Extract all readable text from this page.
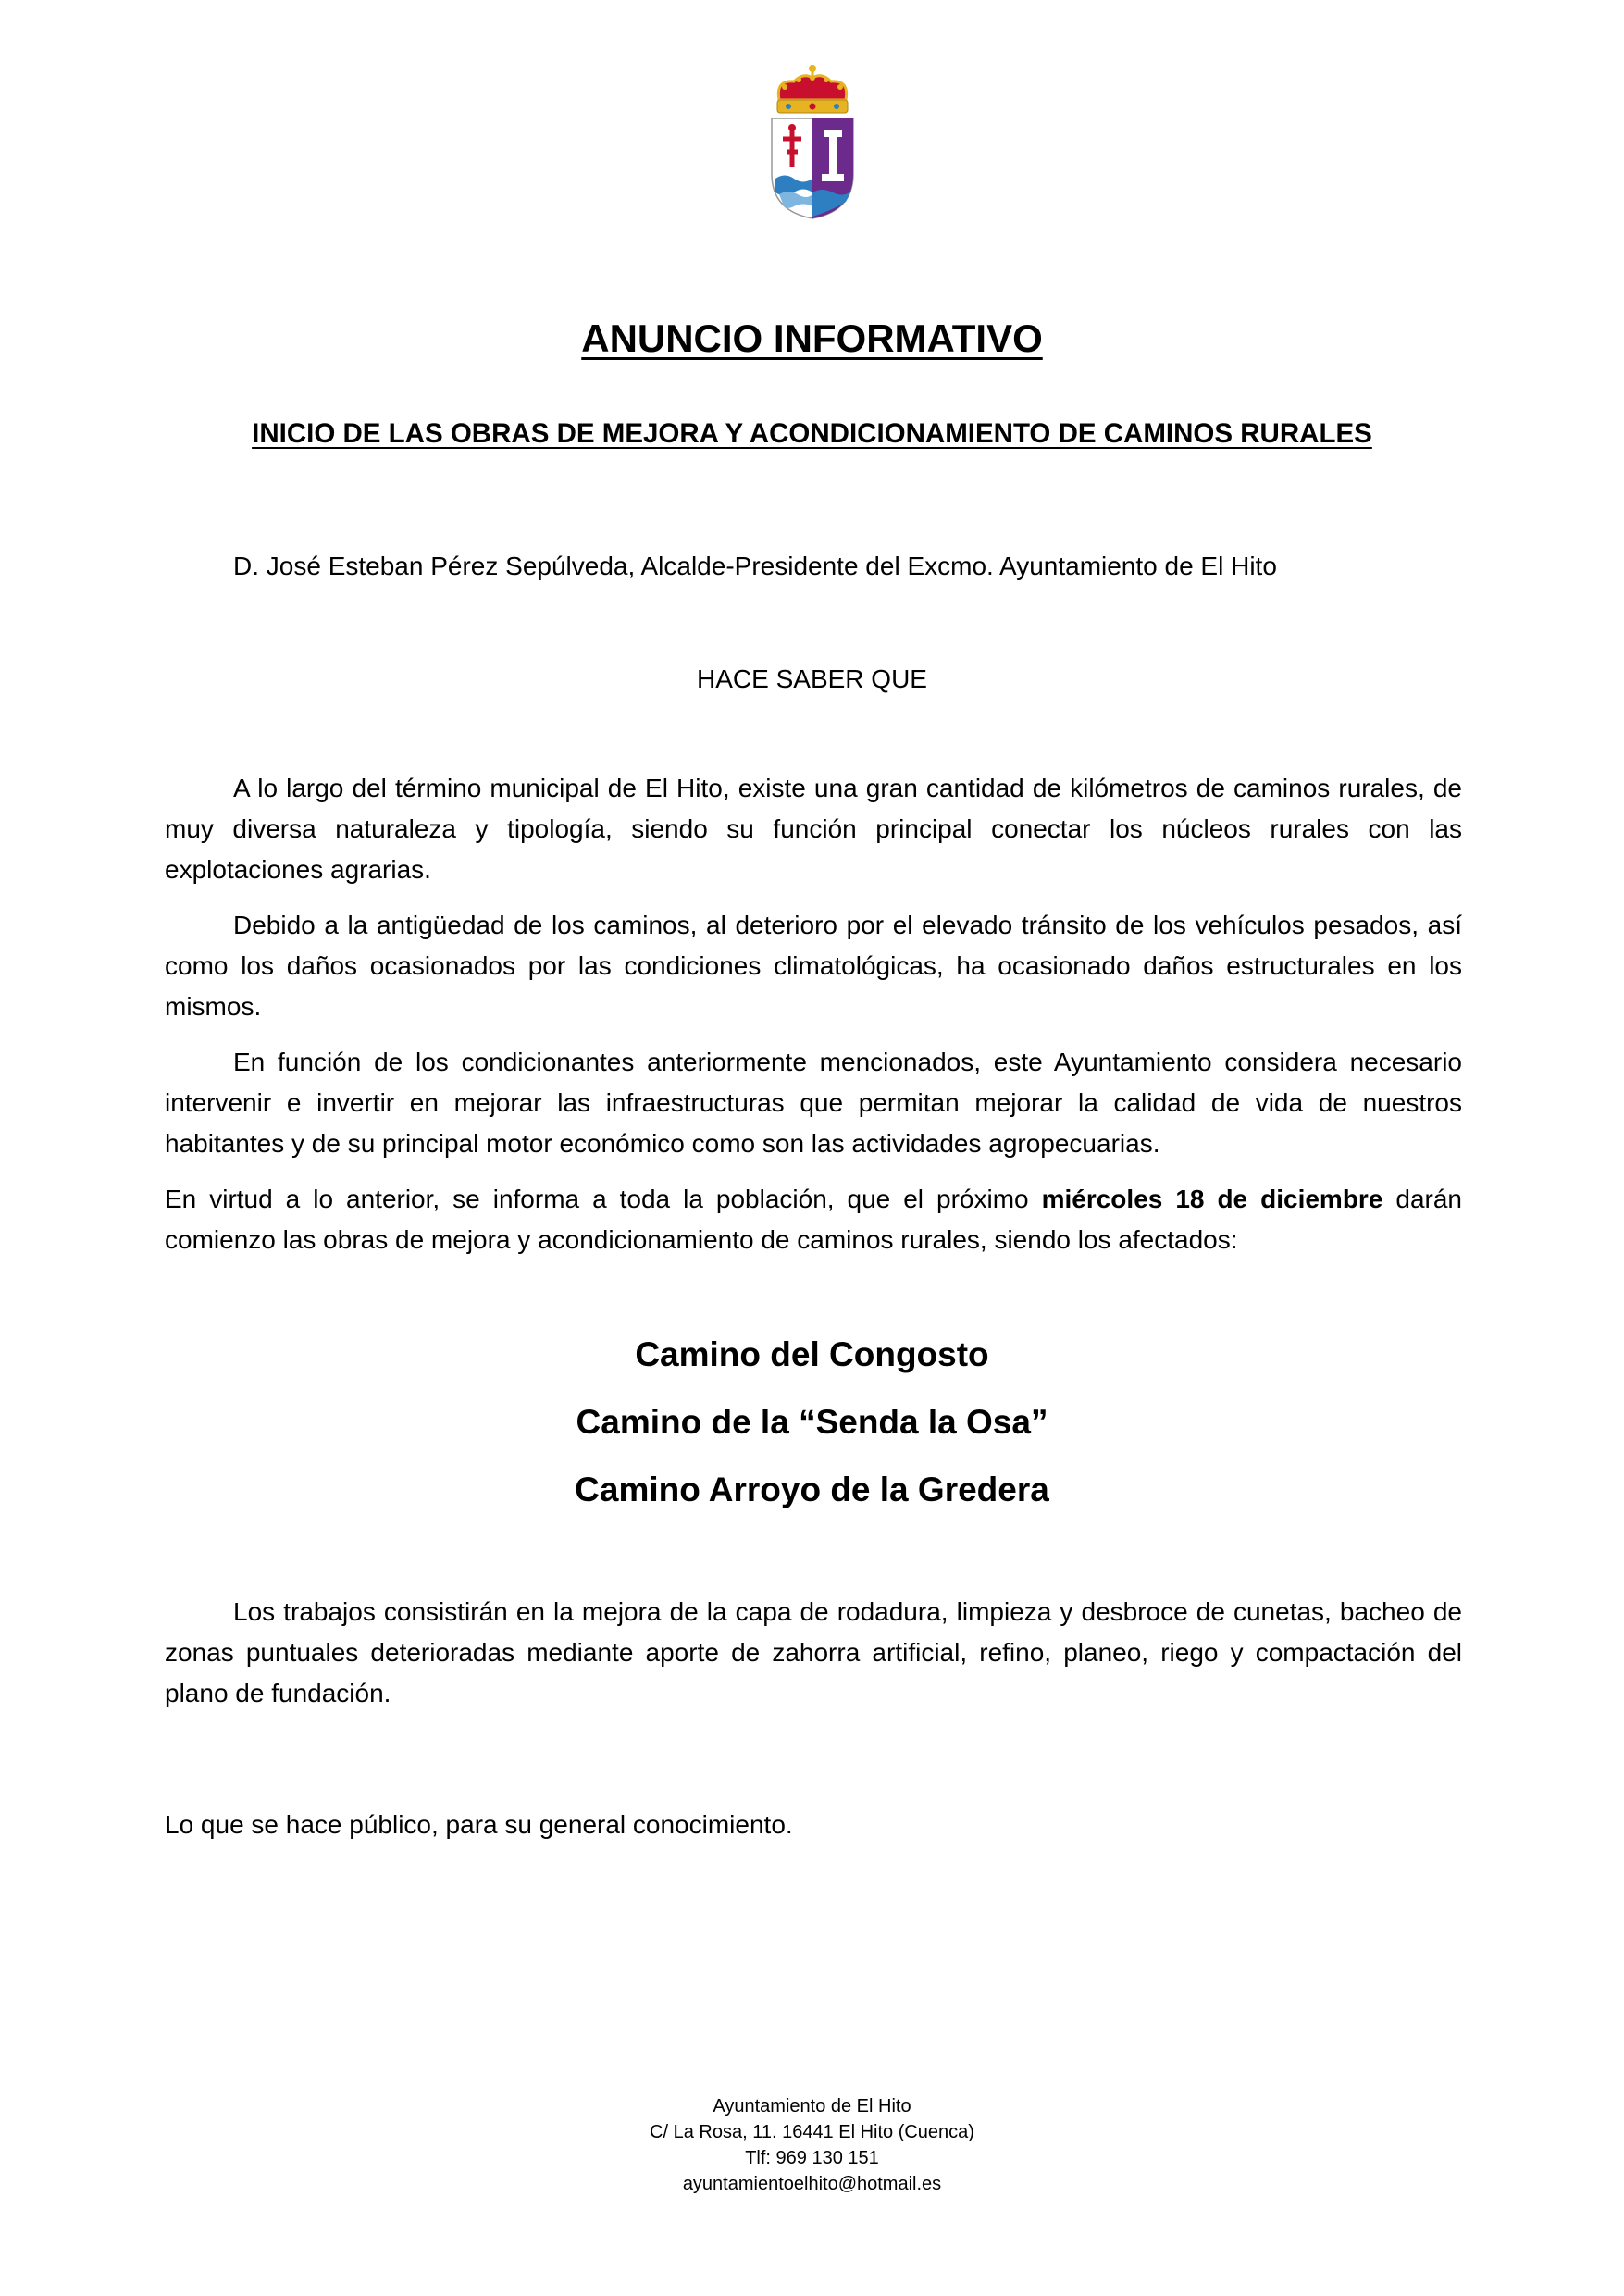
ANUNCIO INFORMATIVO
INICIO DE LAS OBRAS DE MEJORA Y ACONDICIONAMIENTO DE CAMINOS RURALES
D. José Esteban Pérez Sepúlveda, Alcalde-Presidente del Excmo. Ayuntamiento de El Hito
HACE SABER QUE

A lo largo del término municipal de El Hito, existe una gran cantidad de kilómetros de caminos rurales, de muy diversa naturaleza y tipología, siendo su función principal conectar los núcleos rurales con las explotaciones agrarias.

Debido a la antigüedad de los caminos, al deterioro por el elevado tránsito de los vehículos pesados, así como los daños ocasionados por las condiciones climatológicas, ha ocasionado daños estructurales en los mismos.

En función de los condicionantes anteriormente mencionados, este Ayuntamiento considera necesario intervenir e invertir en mejorar las infraestructuras que permitan mejorar la calidad de vida de nuestros habitantes y de su principal motor económico como son las actividades agropecuarias.

En virtud a lo anterior, se informa a toda la población, que el próximo miércoles 18 de diciembre darán comienzo las obras de mejora y acondicionamiento de caminos rurales, siendo los afectados:

Camino del Congosto
Camino de la “Senda la Osa”
Camino Arroyo de la Gredera

Los trabajos consistirán en la mejora de la capa de rodadura, limpieza y desbroce de cunetas, bacheo de zonas puntuales deterioradas mediante aporte de zahorra artificial, refino, planeo, riego y compactación del plano de fundación.

Lo que se hace público, para su general conocimiento.
Ayuntamiento de El Hito
C/ La Rosa, 11. 16441 El Hito (Cuenca)
Tlf: 969 130 151
ayuntamientoelhito@hotmail.es
